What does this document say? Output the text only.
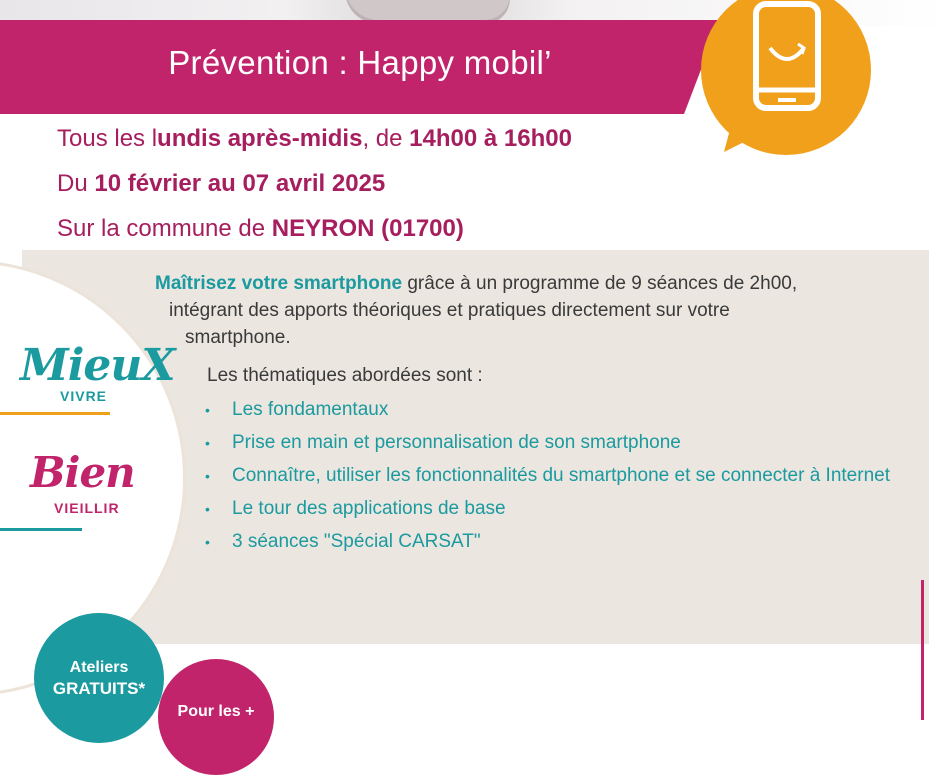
Prévention : Happy mobil’
Tous les lundis après-midis, de 14h00 à 16h00
Du 10 février au 07 avril 2025
Sur la commune de NEYRON (01700)
MieuX
VIVRE
Bien
VIEILLIR
Maîtrisez votre smartphone grâce à un programme de 9 séances de 2h00,
intégrant des apports théoriques et pratiques directement sur votre
smartphone.
Les thématiques abordées sont :
• Les fondamentaux
• Prise en main et personnalisation de son smartphone
• Connaître, utiliser les fonctionnalités du smartphone et se connecter à Internet
• Le tour des applications de base
• 3 séances "Spécial CARSAT"
Ateliers
GRATUITS*
Pour les +
